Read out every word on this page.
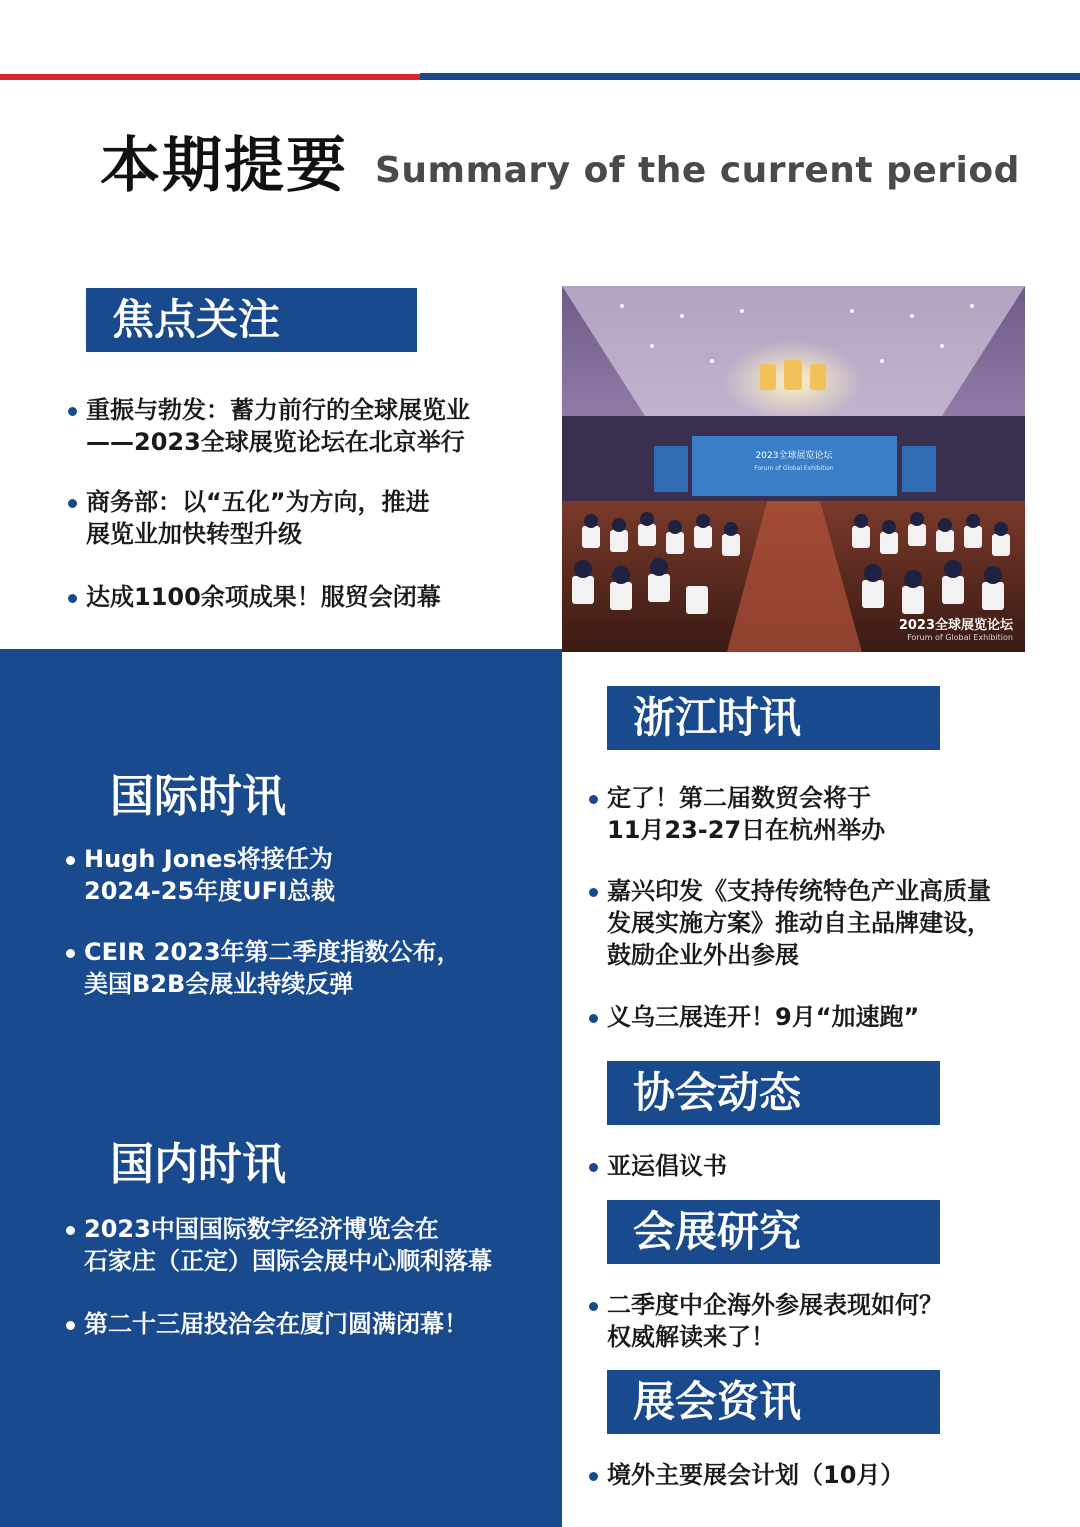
本期提要 Summary of the current period
焦点关注
重振与勃发：蓄力前行的全球展览业
——2023全球展览论坛在北京举行
商务部：以“五化”为方向，推进
展览业加快转型升级
达成1100余项成果！服贸会闭幕
2023全球展览论坛
Forum of Global Exhibition
2023全球展览论坛
Forum of Global Exhibition
国际时讯
Hugh Jones将接任为
2024-25年度UFI总裁
CEIR 2023年第二季度指数公布，
美国B2B会展业持续反弹
国内时讯
2023中国国际数字经济博览会在
石家庄（正定）国际会展中心顺利落幕
第二十三届投洽会在厦门圆满闭幕！
浙江时讯
定了！第二届数贸会将于
11月23-27日在杭州举办
嘉兴印发《支持传统特色产业高质量
发展实施方案》推动自主品牌建设，
鼓励企业外出参展
义乌三展连开！9月“加速跑”
协会动态
亚运倡议书
会展研究
二季度中企海外参展表现如何？
权威解读来了！
展会资讯
境外主要展会计划（10月）
